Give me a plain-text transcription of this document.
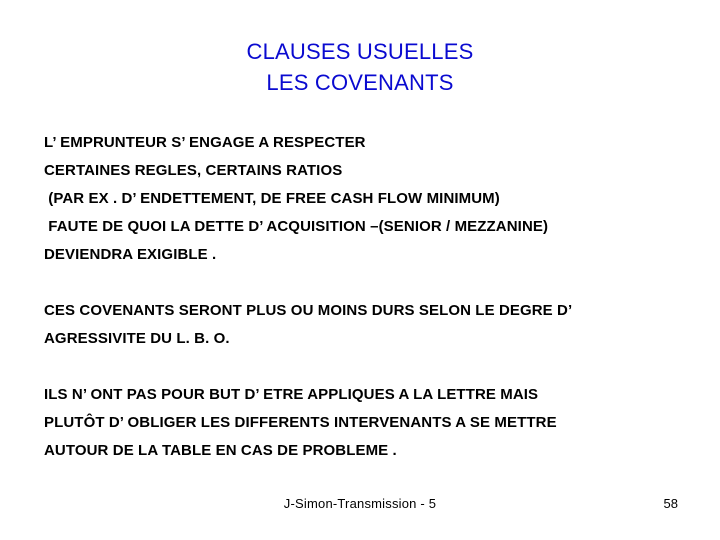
CLAUSES USUELLES
LES COVENANTS
L’ EMPRUNTEUR S’ ENGAGE A RESPECTER
CERTAINES REGLES, CERTAINS RATIOS
(PAR EX . D’ ENDETTEMENT, DE FREE CASH FLOW MINIMUM)
FAUTE DE QUOI LA DETTE D’ ACQUISITION –(SENIOR / MEZZANINE)
DEVIENDRA EXIGIBLE .
CES COVENANTS SERONT PLUS OU MOINS DURS SELON LE DEGRE D’
AGRESSIVITE DU L. B. O.
ILS N’ ONT PAS POUR BUT D’ ETRE APPLIQUES A LA LETTRE MAIS
PLUTÔT D’ OBLIGER LES DIFFERENTS INTERVENANTS A SE METTRE
AUTOUR DE LA TABLE EN CAS DE PROBLEME .
J-Simon-Transmission - 5	58
